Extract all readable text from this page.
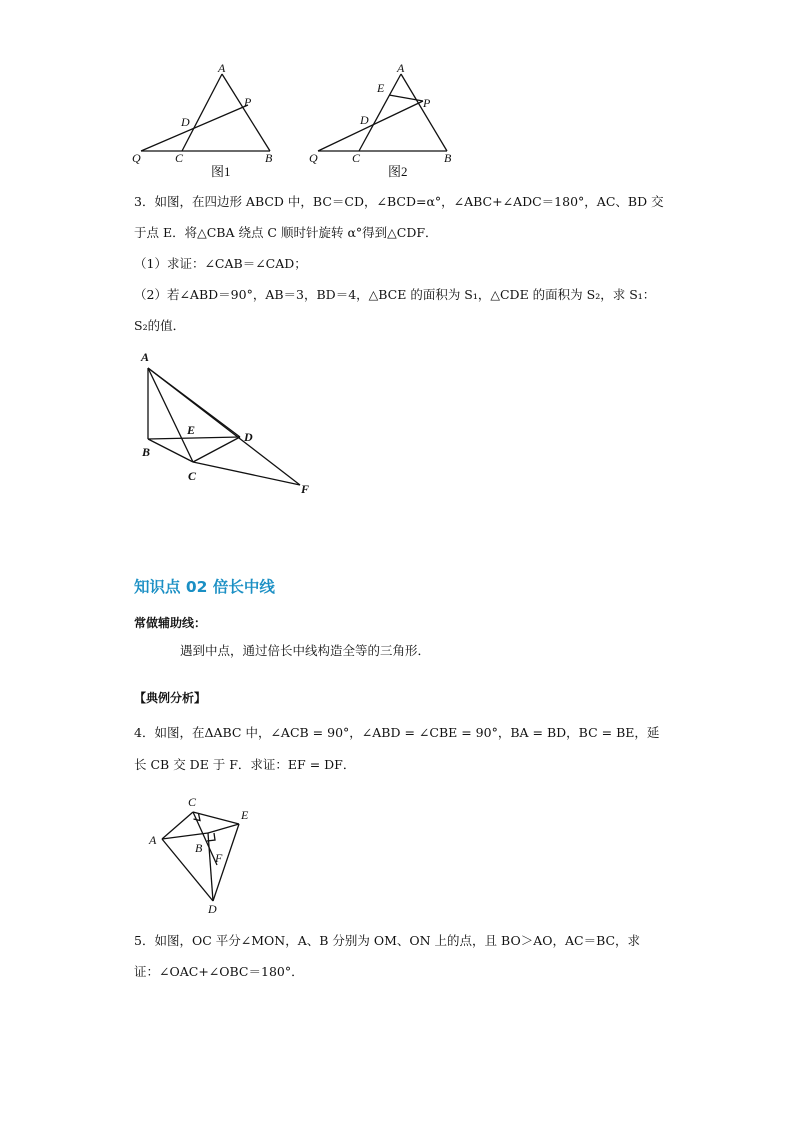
A
P
D
Q	C	B
图1
A
E
P
D
Q	C	B
图2
3．如图，在四边形 ABCD 中，BC＝CD，∠BCD=α°，∠ABC+∠ADC＝180°，AC、BD 交
于点 E．将△CBA 绕点 C 顺时针旋转 α°得到△CDF．
（1）求证：∠CAB＝∠CAD；
（2）若∠ABD＝90°，AB＝3，BD＝4，△BCE 的面积为 S₁，△CDE 的面积为 S₂，求 S₁：
S₂的值．
A
E	D
B
C
F
知识点 02 倍长中线
常做辅助线：
遇到中点，通过倍长中线构造全等的三角形．
【典例分析】
4．如图，在ΔABC 中，∠ACB = 90°，∠ABD = ∠CBE = 90°，BA = BD，BC = BE，延
长 CB 交 DE 于 F．求证：EF = DF．
C
E
A
B
F
D
5．如图，OC 平分∠MON，A、B 分别为 OM、ON 上的点，且 BO＞AO，AC＝BC，求
证：∠OAC+∠OBC＝180°．
